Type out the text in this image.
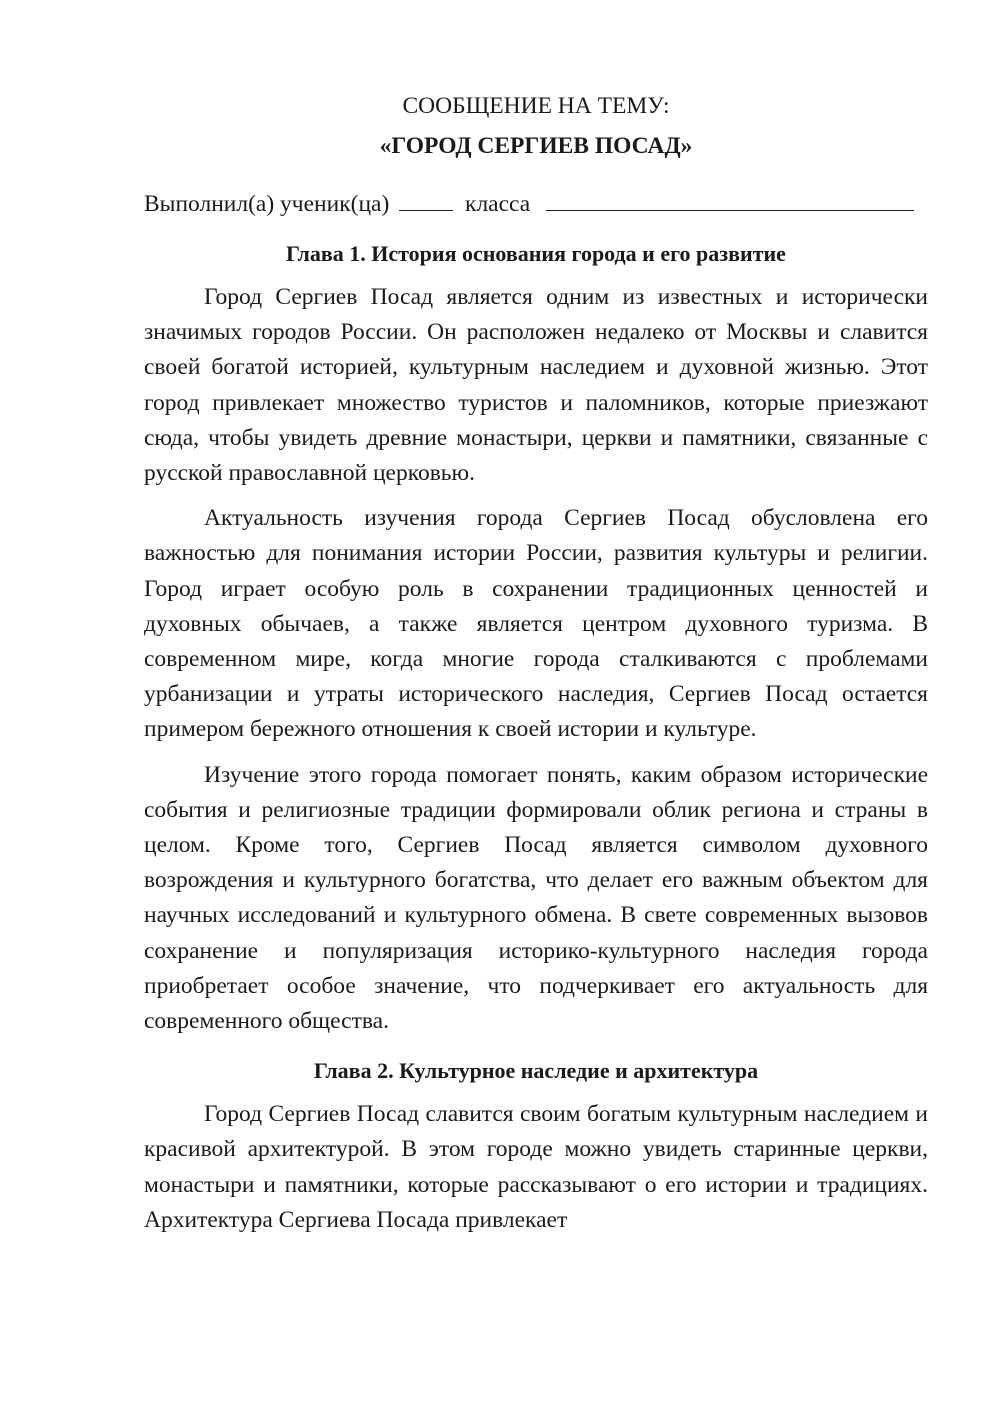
СООБЩЕНИЕ НА ТЕМУ:

«ГОРОД СЕРГИЕВ ПОСАД»

Выполнил(а) ученик(ца)	класса

Глава 1. История основания города и его развитие

Город Сергиев Посад является одним из известных и исторически значимых городов России. Он расположен недалеко от Москвы и славится своей богатой историей, культурным наследием и духовной жизнью. Этот город привлекает множество туристов и паломников, которые приезжают сюда, чтобы увидеть древние монастыри, церкви и памятники, связанные с русской православной церковью.

Актуальность изучения города Сергиев Посад обусловлена его важностью для понимания истории России, развития культуры и религии. Город играет особую роль в сохранении традиционных ценностей и духовных обычаев, а также является центром духовного туризма. В современном мире, когда многие города сталкиваются с проблемами урбанизации и утраты исторического наследия, Сергиев Посад остается примером бережного отношения к своей истории и культуре.

Изучение этого города помогает понять, каким образом исторические события и религиозные традиции формировали облик региона и страны в целом. Кроме того, Сергиев Посад является символом духовного возрождения и культурного богатства, что делает его важным объектом для научных исследований и культурного обмена. В свете современных вызовов сохранение и популяризация историко-культурного наследия города приобретает особое значение, что подчеркивает его актуальность для современного общества.

Глава 2. Культурное наследие и архитектура

Город Сергиев Посад славится своим богатым культурным наследием и красивой архитектурой. В этом городе можно увидеть старинные церкви, монастыри и памятники, которые рассказывают о его истории и традициях. Архитектура Сергиева Посада привлекает
